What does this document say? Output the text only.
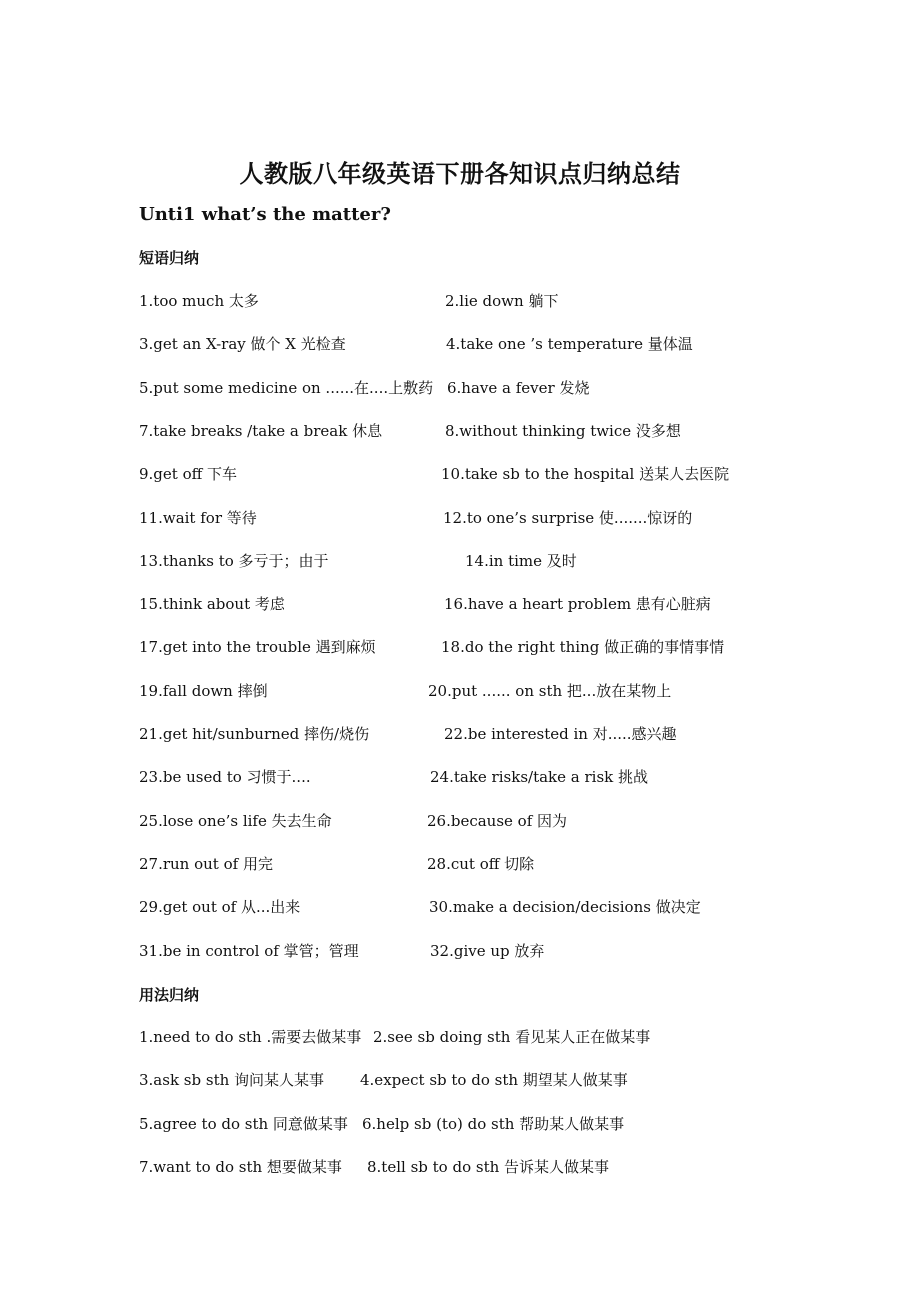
人教版八年级英语下册各知识点归纳总结
Unti1 what’s the matter?
短语归纳
1.too much 太多	2.lie down 躺下
3.get an X-ray 做个 X 光检查	4.take one ’s temperature 量体温
5.put some medicine on ......在....上敷药 6.have a fever 发烧
7.take breaks /take a break 休息	8.without thinking twice 没多想
9.get off 下车	10.take sb to the hospital 送某人去医院
11.wait for 等待	12.to one’s surprise 使.......惊讶的
13.thanks to 多亏于；由于	14.in time 及时
15.think about 考虑	16.have a heart problem 患有心脏病
17.get into the trouble 遇到麻烦	18.do the right thing 做正确的事情事情
19.fall down 摔倒	20.put ...... on sth 把...放在某物上
21.get hit/sunburned 摔伤/烧伤	22.be interested in 对.....感兴趣
23.be used to 习惯于....	24.take risks/take a risk 挑战
25.lose one’s life 失去生命	26.because of 因为
27.run out of 用完	28.cut off 切除
29.get out of 从...出来	30.make a decision/decisions 做决定
31.be in control of 掌管；管理	32.give up 放弃
用法归纳
1.need to do sth .需要去做某事 2.see sb doing sth 看见某人正在做某事
3.ask sb sth 询问某人某事 4.expect sb to do sth 期望某人做某事
5.agree to do sth 同意做某事 6.help sb (to) do sth 帮助某人做某事
7.want to do sth 想要做某事 8.tell sb to do sth 告诉某人做某事
